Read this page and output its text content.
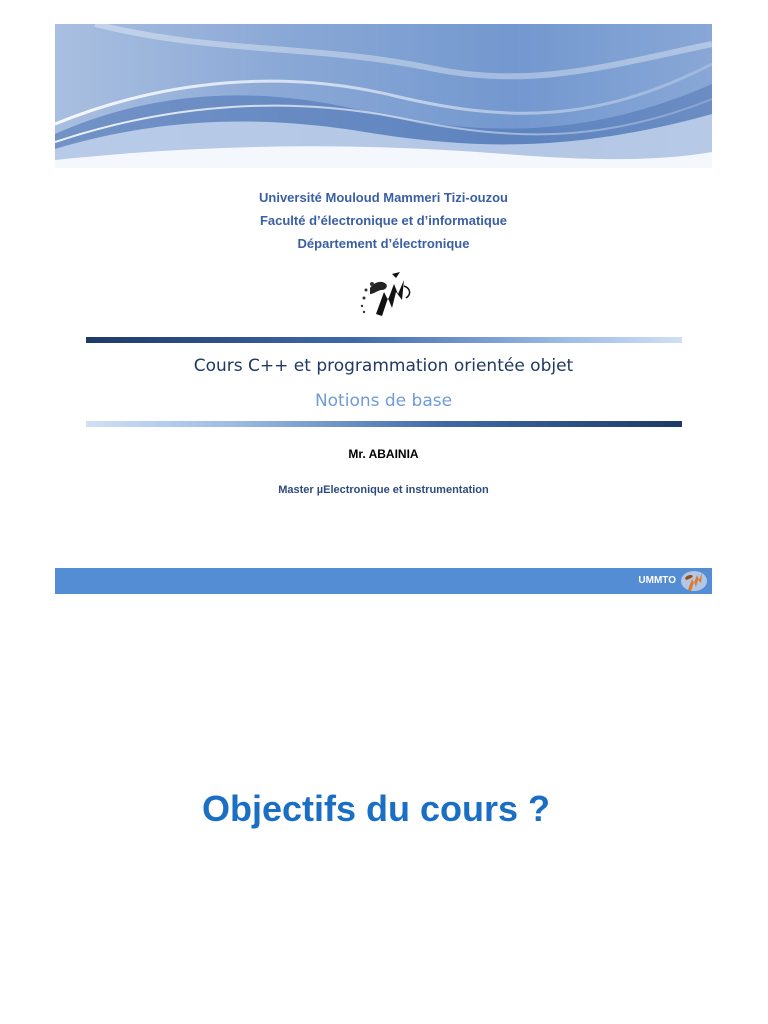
Université Mouloud Mammeri Tizi-ouzou
Faculté d’électronique et d’informatique
Département d’électronique
Cours C++ et programmation orientée objet
Notions de base
Mr. ABAINIA
Master µElectronique et instrumentation
UMMTO
Objectifs du cours ?
